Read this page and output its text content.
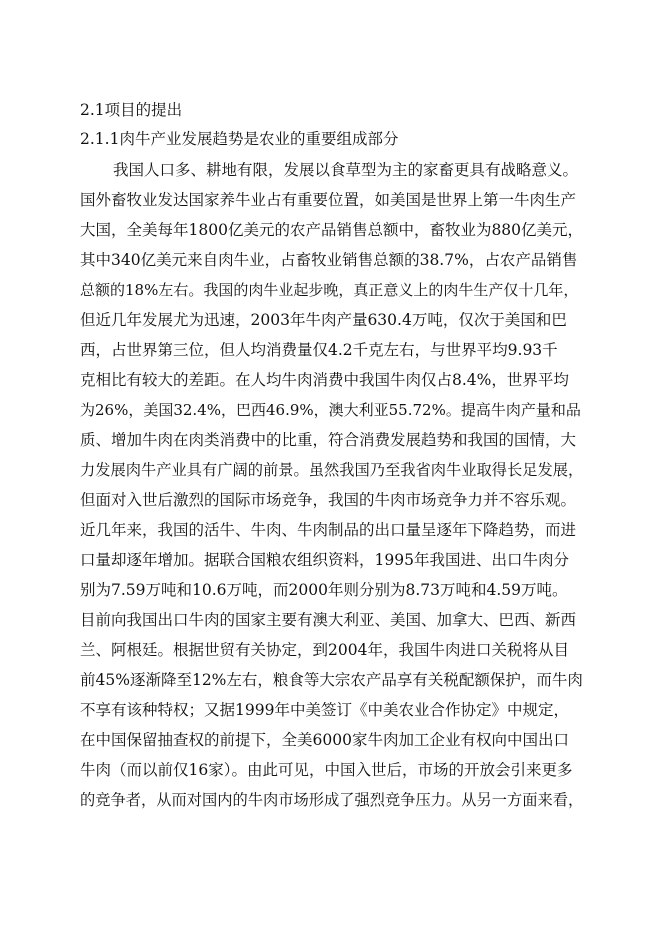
2.1项目的提出
2.1.1肉牛产业发展趋势是农业的重要组成部分

我国人口多、耕地有限，发展以食草型为主的家畜更具有战略意义。

国外畜牧业发达国家养牛业占有重要位置，如美国是世界上第一牛肉生产

大国，全美每年1800亿美元的农产品销售总额中，畜牧业为880亿美元，

其中340亿美元来自肉牛业，占畜牧业销售总额的38.7%，占农产品销售

总额的18%左右。我国的肉牛业起步晚，真正意义上的肉牛生产仅十几年，

但近几年发展尤为迅速，2003年牛肉产量630.4万吨，仅次于美国和巴

西，占世界第三位，但人均消费量仅4.2千克左右，与世界平均9.93千

克相比有较大的差距。在人均牛肉消费中我国牛肉仅占8.4%，世界平均

为26%，美国32.4%，巴西46.9%，澳大利亚55.72%。提高牛肉产量和品

质、增加牛肉在肉类消费中的比重，符合消费发展趋势和我国的国情，大

力发展肉牛产业具有广阔的前景。虽然我国乃至我省肉牛业取得长足发展，

但面对入世后激烈的国际市场竞争，我国的牛肉市场竞争力并不容乐观。

近几年来，我国的活牛、牛肉、牛肉制品的出口量呈逐年下降趋势，而进

口量却逐年增加。据联合国粮农组织资料，1995年我国进、出口牛肉分

别为7.59万吨和10.6万吨，而2000年则分别为8.73万吨和4.59万吨。

目前向我国出口牛肉的国家主要有澳大利亚、美国、加拿大、巴西、新西

兰、阿根廷。根据世贸有关协定，到2004年，我国牛肉进口关税将从目

前45%逐渐降至12%左右，粮食等大宗农产品享有关税配额保护，而牛肉

不享有该种特权；又据1999年中美签订《中美农业合作协定》中规定，

在中国保留抽查权的前提下，全美6000家牛肉加工企业有权向中国出口

牛肉（而以前仅16家）。由此可见，中国入世后，市场的开放会引来更多

的竞争者，从而对国内的牛肉市场形成了强烈竞争压力。从另一方面来看，
